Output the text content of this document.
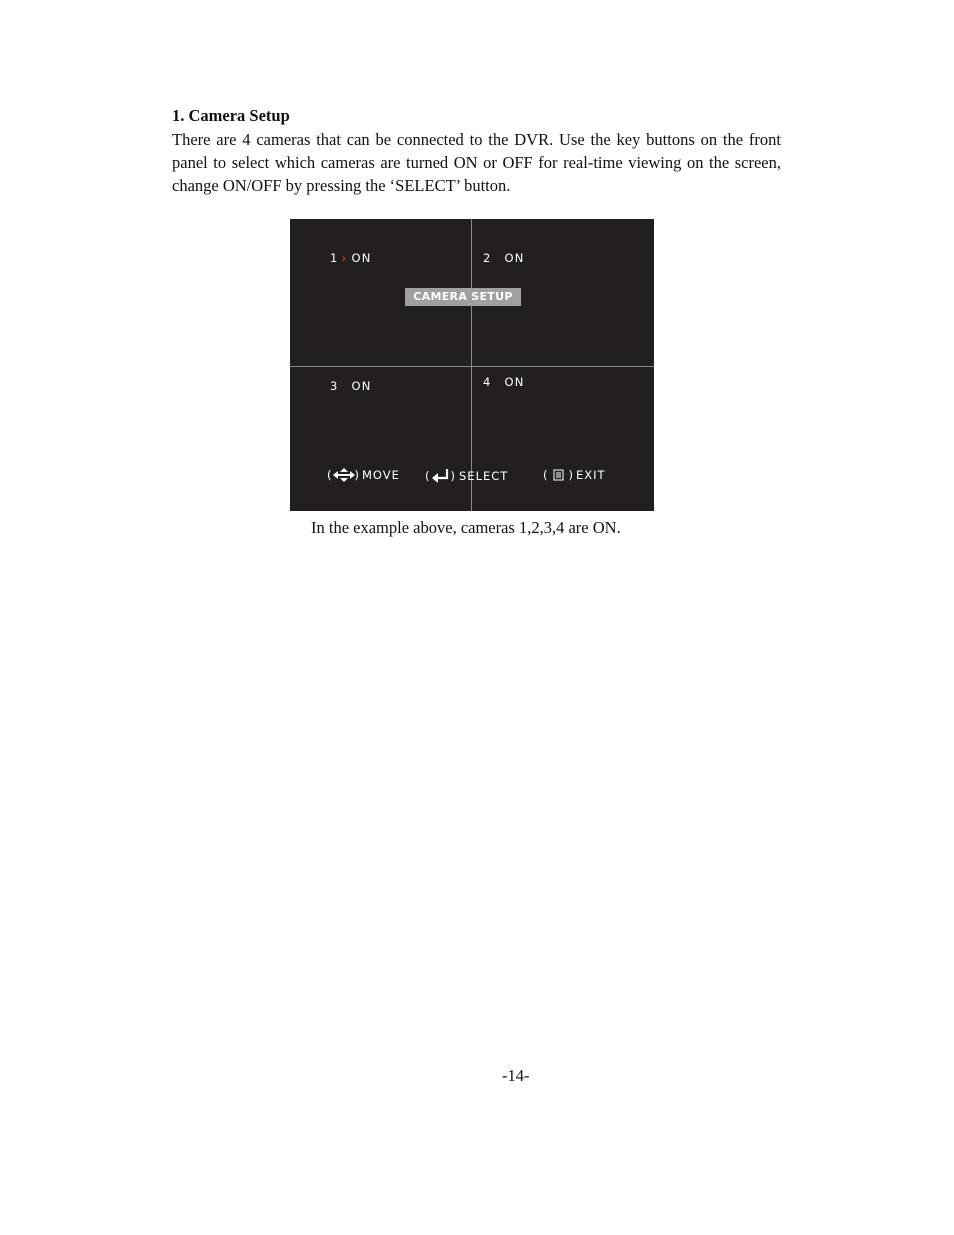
1. Camera Setup
There are 4 cameras that can be connected to the DVR. Use the key buttons on the front panel to select which cameras are turned ON or OFF for real-time viewing on the screen, change ON/OFF by pressing the ‘SELECT’ button.
1 › ON	2 ON
CAMERA SETUP
3 ON	4 ON
( ) MOVE ( ) SELECT	( ) EXIT
In the example above, cameras 1,2,3,4 are ON.
-14-
